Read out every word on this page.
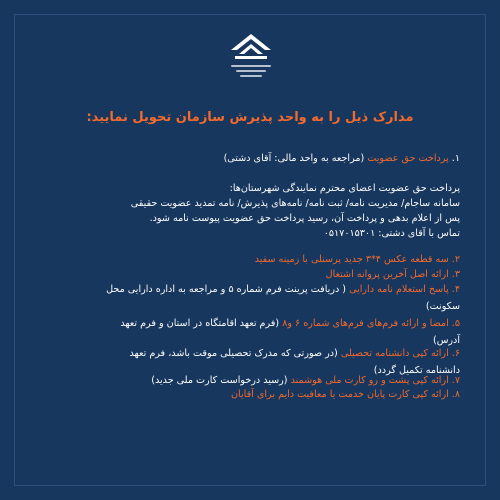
مدارک ذیل را به واحد پذیرش سازمان تحویل نمایید:
۱. پرداخت حق عضویت (مراجعه به واحد مالی: آقای دشتی)
پرداخت حق عضویت اعضای محترم نمایندگی شهرستان‌ها:
سامانه ساجام/ مدیریت نامه/ ثبت نامه/ نامه‌های پذیرش/ نامه تمدید عضویت حقیقی
پس از اعلام بدهی و پرداخت آن، رسید پرداخت حق عضویت پیوست نامه شود.
تماس با آقای دشتی: ۰۵۱۷۰۱۵۳۰۱
۲. سه قطعه عکس ۴*۳ جدید پرسنلی با زمینه سفید
۳. ارائه اصل آخرین پروانه اشتغال
۴. پاسخ استعلام نامه دارایی ( دریافت پرینت فرم شماره ۵ و مراجعه به اداره دارایی محل
سکونت)
۵. امضا و ارائه فرم‌های فرم‌های شماره ۶ و۸ (فرم تعهد اقامتگاه در استان و فرم تعهد
آدرس)
۶. ارائه کپی دانشنامه تحصیلی (در صورتی که مدرک تحصیلی موقت باشد، فرم تعهد
دانشنامه تکمیل گردد)
۷. ارائه کپی پشت و رو کارت ملی هوشمند (رسید درخواست کارت ملی جدید)
۸. ارائه کپی کارت پایان خدمت یا معافیت دایم برای آقایان
